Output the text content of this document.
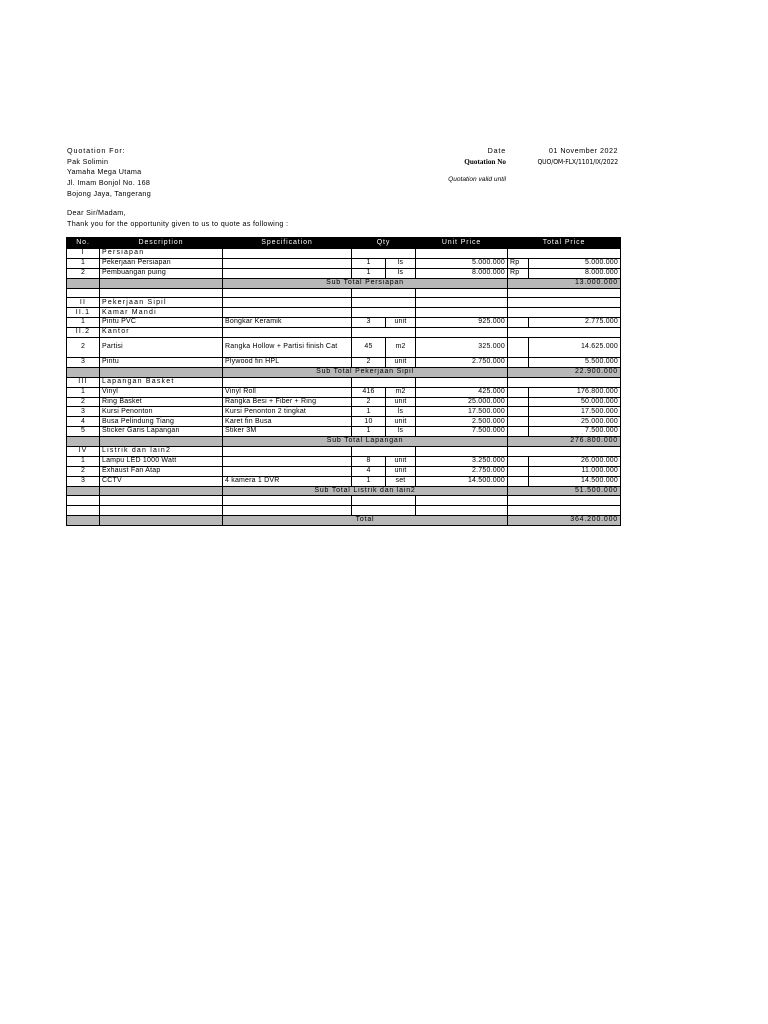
Quotation For:
Pak Solimin
Yamaha Mega Utama
Jl. Imam Bonjol No. 168
Bojong Jaya, Tangerang
Date	01 November 2022
Quotation No	QUO/OM-FLX/1101/IX/2022
Quotation valid until
Dear Sir/Madam,
Thank you for the opportunity given to us to quote as following :
No.	Description	Specification	Qty		Unit Price	Total Price	
I	Persiapan						
1	Pekerjaan Persiapan		1	ls	5.000.000	Rp	5.000.000
2	Pembuangan puing		1	ls	8.000.000	Rp	8.000.000
		Sub Total Persiapan				13.000.000	

II	Pekerjaan Sipil						
II.1	Kamar Mandi						
1	Pintu PVC	Bongkar Keramik	3	unit	925.000		2.775.000
II.2	Kantor						
2	Partisi	Rangka Hollow + Partisi finish Cat	45	m2	325.000		14.625.000
3	Pintu	Plywood fin HPL	2	unit	2.750.000		5.500.000
		Sub Total Pekerjaan Sipil				22.900.000	
III	Lapangan Basket						
1	Vinyl	Vinyl Roll	416	m2	425.000		176.800.000
2	Ring Basket	Rangka Besi + Fiber + Ring	2	unit	25.000.000		50.000.000
3	Kursi Penonton	Kursi Penonton 2 tingkat	1	ls	17.500.000		17.500.000
4	Busa Pelindung Tiang	Karet fin Busa	10	unit	2.500.000		25.000.000
5	Sticker Garis Lapangan	Stiker 3M	1	ls	7.500.000		7.500.000
		Sub Total Lapangan				276.800.000	
IV	Listrik dan lain2						
1	Lampu LED 1000 Watt		8	unit	3.250.000		26.000.000
2	Exhaust Fan Atap		4	unit	2.750.000		11.000.000
3	CCTV	4 kamera 1 DVR	1	set	14.500.000		14.500.000
		Sub Total Listrik dan lain2				51.500.000	

		Total				364.200.000	
